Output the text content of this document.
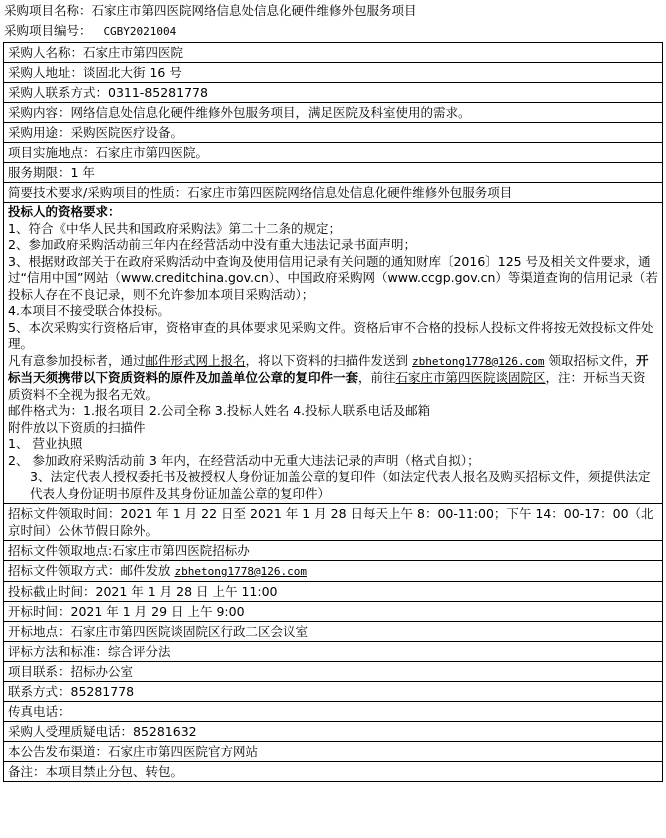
采购项目名称：石家庄市第四医院网络信息处信息化硬件维修外包服务项目
采购项目编号： CGBY2021004
采购人名称：石家庄市第四医院
采购人地址：谈固北大街 16 号
采购人联系方式：0311-85281778
采购内容：网络信息处信息化硬件维修外包服务项目，满足医院及科室使用的需求。
采购用途：采购医院医疗设备。
项目实施地点：石家庄市第四医院。
服务期限：1 年
简要技术要求/采购项目的性质：石家庄市第四医院网络信息处信息化硬件维修外包服务项目

投标人的资格要求：

1、符合《中华人民共和国政府采购法》第二十二条的规定；

2、参加政府采购活动前三年内在经营活动中没有重大违法记录书面声明；

3、根据财政部关于在政府采购活动中查询及使用信用记录有关问题的通知财库〔2016〕125 号及相关文件要求，通过“信用中国”网站（www.creditchina.gov.cn）、中国政府采购网（www.ccgp.gov.cn）等渠道查询的信用记录（若投标人存在不良记录，则不允许参加本项目采购活动）；

4.本项目不接受联合体投标。

5、本次采购实行资格后审，资格审查的具体要求见采购文件。资格后审不合格的投标人投标文件将按无效投标文件处理。

凡有意参加投标者，通过邮件形式网上报名，将以下资料的扫描件发送到 zbhetong1778@126.com 领取招标文件，开标当天须携带以下资质资料的原件及加盖单位公章的复印件一套，前往石家庄市第四医院谈固院区，注：开标当天资质资料不全视为报名无效。

邮件格式为：1.报名项目 2.公司全称 3.投标人姓名 4.投标人联系电话及邮箱

附件放以下资质的扫描件

1、 营业执照

2、 参加政府采购活动前 3 年内，在经营活动中无重大违法记录的声明（格式自拟）；

3、法定代表人授权委托书及被授权人身份证加盖公章的复印件（如法定代表人报名及购买招标文件，须提供法定代表人身份证明书原件及其身份证加盖公章的复印件）

招标文件领取时间：2021 年 1 月 22 日至 2021 年 1 月 28 日每天上午 8：00-11:00；下午 14：00-17：00（北京时间）公休节假日除外。
招标文件领取地点:石家庄市第四医院招标办
招标文件领取方式：邮件发放 zbhetong1778@126.com
投标截止时间：2021 年 1 月 28 日 上午 11:00
开标时间：2021 年 1 月 29 日 上午 9:00
开标地点：石家庄市第四医院谈固院区行政二区会议室
评标方法和标准：综合评分法
项目联系：招标办公室
联系方式：85281778
传真电话：
采购人受理质疑电话：85281632
本公告发布渠道：石家庄市第四医院官方网站
备注：本项目禁止分包、转包。
